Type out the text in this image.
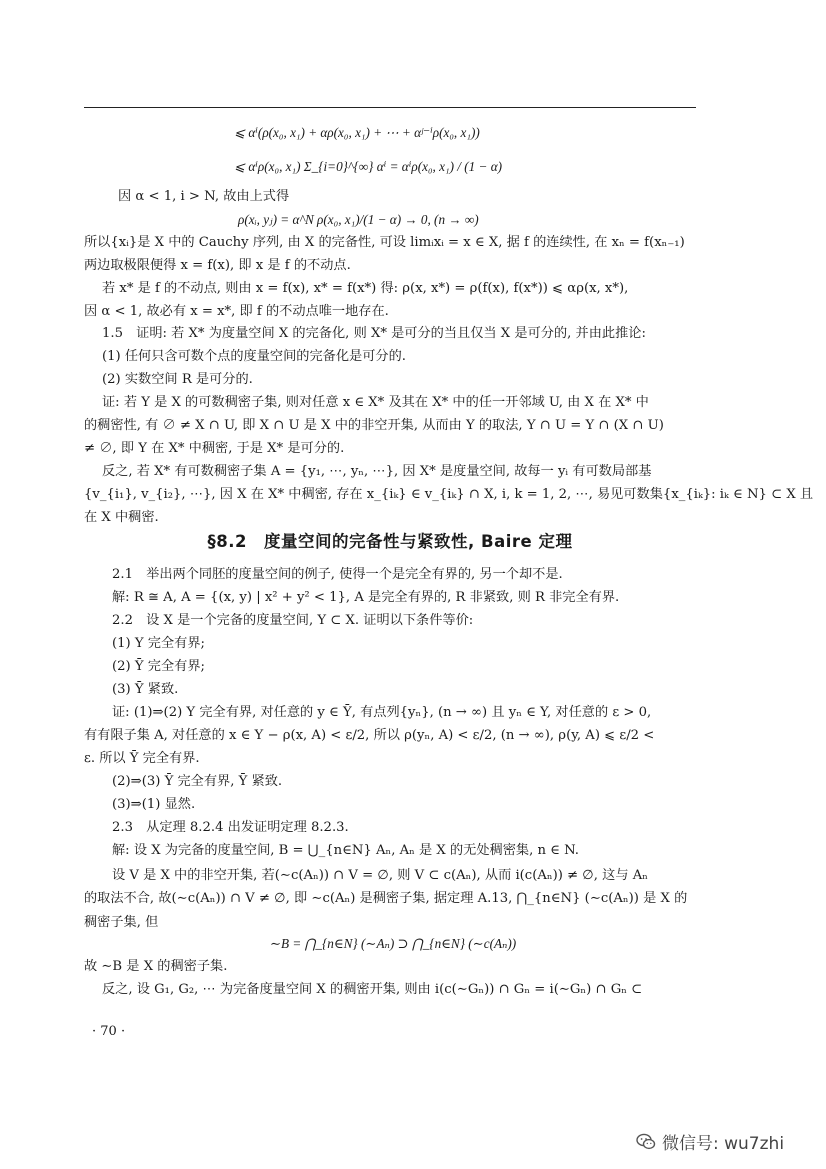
⩽ αⁱ(ρ(x₀, x₁) + αρ(x₀, x₁) + ⋯ + αʲ⁻ⁱρ(x₀, x₁))
⩽ αⁱρ(x₀, x₁) Σ_{i=0}^{∞} αⁱ = αⁱρ(x₀, x₁) / (1 − α)
因 α < 1, i > N, 故由上式得
ρ(xᵢ, yⱼ) = α^N ρ(x₀, x₁)/(1 − α) → 0, (n → ∞)
所以{xᵢ}是 X 中的 Cauchy 序列, 由 X 的完备性, 可设 limᵢxᵢ = x ∈ X, 据 f 的连续性, 在 xₙ = f(xₙ₋₁)
两边取极限便得 x = f(x), 即 x 是 f 的不动点.
若 x* 是 f 的不动点, 则由 x = f(x), x* = f(x*) 得: ρ(x, x*) = ρ(f(x), f(x*)) ⩽ αρ(x, x*),
因 α < 1, 故必有 x = x*, 即 f 的不动点唯一地存在.
1.5　证明: 若 X* 为度量空间 X 的完备化, 则 X* 是可分的当且仅当 X 是可分的, 并由此推论:
(1) 任何只含可数个点的度量空间的完备化是可分的.
(2) 实数空间 R 是可分的.
证: 若 Y 是 X 的可数稠密子集, 则对任意 x ∈ X* 及其在 X* 中的任一开邻域 U, 由 X 在 X* 中
的稠密性, 有 ∅ ≠ X ∩ U, 即 X ∩ U 是 X 中的非空开集, 从而由 Y 的取法, Y ∩ U = Y ∩ (X ∩ U)
≠ ∅, 即 Y 在 X* 中稠密, 于是 X* 是可分的.
反之, 若 X* 有可数稠密子集 A = {y₁, ⋯, yₙ, ⋯}, 因 X* 是度量空间, 故每一 yᵢ 有可数局部基
{v_{i₁}, v_{i₂}, ⋯}, 因 X 在 X* 中稠密, 存在 x_{iₖ} ∈ v_{iₖ} ∩ X, i, k = 1, 2, ⋯, 易见可数集{x_{iₖ}: iₖ ∈ N} ⊂ X 且
在 X 中稠密.
§8.2　度量空间的完备性与紧致性, Baire 定理
2.1　举出两个同胚的度量空间的例子, 使得一个是完全有界的, 另一个却不是.
解: R ≅ A, A = {(x, y) | x² + y² < 1}, A 是完全有界的, R 非紧致, 则 R 非完全有界.
2.2　设 X 是一个完备的度量空间, Y ⊂ X. 证明以下条件等价:
(1) Y 完全有界;
(2) Ȳ 完全有界;
(3) Ȳ 紧致.
证: (1)⇒(2) Y 完全有界, 对任意的 y ∈ Ȳ, 有点列{yₙ}, (n → ∞) 且 yₙ ∈ Y, 对任意的 ε > 0,
有有限子集 A, 对任意的 x ∈ Y − ρ(x, A) < ε/2, 所以 ρ(yₙ, A) < ε/2, (n → ∞), ρ(y, A) ⩽ ε/2 <
ε. 所以 Ȳ 完全有界.
(2)⇒(3) Ȳ 完全有界, Ȳ 紧致.
(3)⇒(1) 显然.
2.3　从定理 8.2.4 出发证明定理 8.2.3.
解: 设 X 为完备的度量空间, B = ⋃_{n∈N} Aₙ, Aₙ 是 X 的无处稠密集, n ∈ N.
设 V 是 X 中的非空开集, 若(∼c(Aₙ)) ∩ V = ∅, 则 V ⊂ c(Aₙ), 从而 i(c(Aₙ)) ≠ ∅, 这与 Aₙ
的取法不合, 故(∼c(Aₙ)) ∩ V ≠ ∅, 即 ∼c(Aₙ) 是稠密子集, 据定理 A.13, ⋂_{n∈N} (∼c(Aₙ)) 是 X 的
稠密子集, 但
∼B = ⋂_{n∈N} (∼Aₙ) ⊃ ⋂_{n∈N} (∼c(Aₙ))
故 ∼B 是 X 的稠密子集.
反之, 设 G₁, G₂, ⋯ 为完备度量空间 X 的稠密开集, 则由 i(c(∼Gₙ)) ∩ Gₙ = i(∼Gₙ) ∩ Gₙ ⊂
· 70 ·
微信号: wu7zhi
